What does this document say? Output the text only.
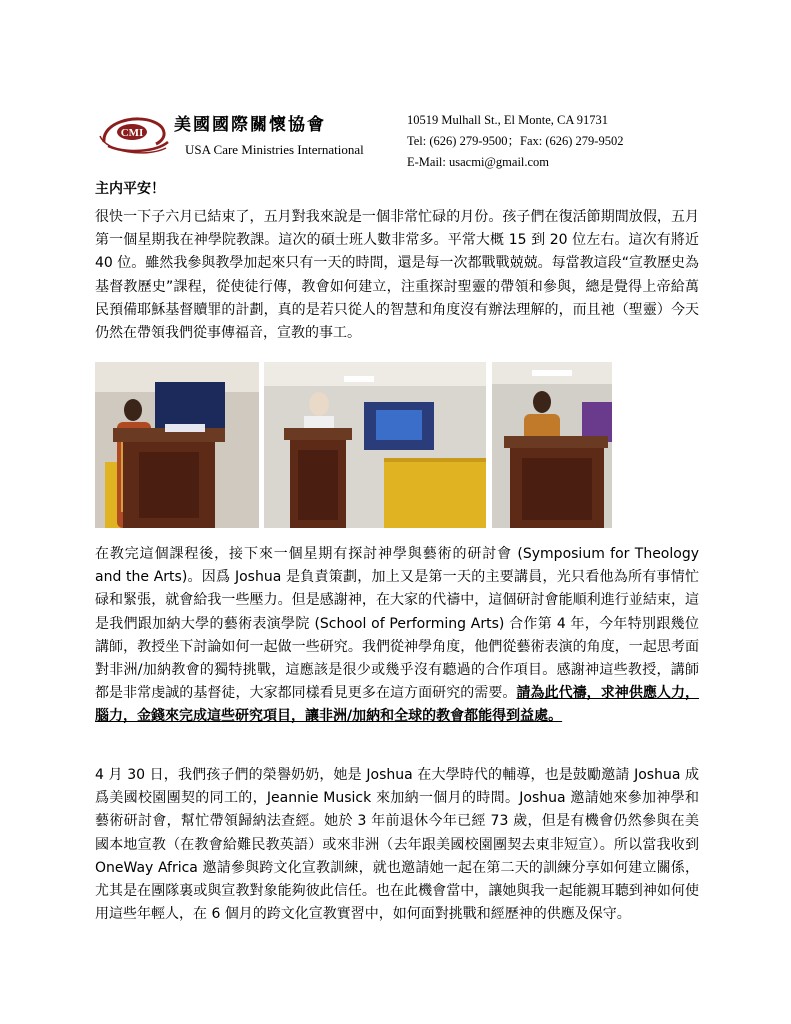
CMI 美國國際關懷協會
USA Care Ministries International
10519 Mulhall St., El Monte, CA 91731
Tel: (626) 279-9500；Fax: (626) 279-9502
E-Mail: usacmi@gmail.com
主内平安！
很快一下子六月已結束了，五月對我來說是一個非常忙碌的月份。孩子們在復活節期間放假，五月第一個星期我在神學院教課。這次的碩士班人數非常多。平常大概 15 到 20 位左右。這次有將近 40 位。雖然我參與教學加起來只有一天的時間，還是每一次都戰戰兢兢。每當教這段“宣教歷史為基督教歷史”課程，從使徒行傳，教會如何建立，注重探討聖靈的帶領和參與，總是覺得上帝給萬民預備耶穌基督贖罪的計劃，真的是若只從人的智慧和角度沒有辦法理解的，而且祂（聖靈）今天仍然在帶領我們從事傳福音，宣教的事工。
在教完這個課程後，接下來一個星期有探討神學與藝術的研討會 (Symposium for Theology and the Arts)。因爲 Joshua 是負責策劃，加上又是第一天的主要講員，光只看他為所有事情忙碌和緊張，就會給我一些壓力。但是感謝神，在大家的代禱中，這個研討會能順利進行並結束，這是我們跟加納大學的藝術表演學院 (School of Performing Arts) 合作第 4 年，今年特別跟幾位講師，教授坐下討論如何一起做一些研究。我們從神學角度，他們從藝術表演的角度，一起思考面對非洲/加納教會的獨特挑戰，這應該是很少或幾乎沒有聽過的合作項目。感謝神這些教授，講師都是非常虔誠的基督徒，大家都同樣看見更多在這方面研究的需要。請為此代禱，求神供應人力，腦力，金錢來完成這些研究項目，讓非洲/加納和全球的教會都能得到益處。
4 月 30 日，我們孩子們的榮譽奶奶，她是 Joshua 在大學時代的輔導，也是鼓勵邀請 Joshua 成爲美國校園團契的同工的，Jeannie Musick 來加納一個月的時間。Joshua 邀請她來參加神學和藝術研討會，幫忙帶領歸納法查經。她於 3 年前退休今年已經 73 歲，但是有機會仍然參與在美國本地宣教（在教會給難民教英語）或來非洲（去年跟美國校園團契去東非短宣）。所以當我收到 OneWay Africa 邀請參與跨文化宣教訓練，就也邀請她一起在第二天的訓練分享如何建立關係，尤其是在團隊裏或與宣教對象能夠彼此信任。也在此機會當中，讓她與我一起能親耳聽到神如何使用這些年輕人，在 6 個月的跨文化宣教實習中，如何面對挑戰和經歷神的供應及保守。
